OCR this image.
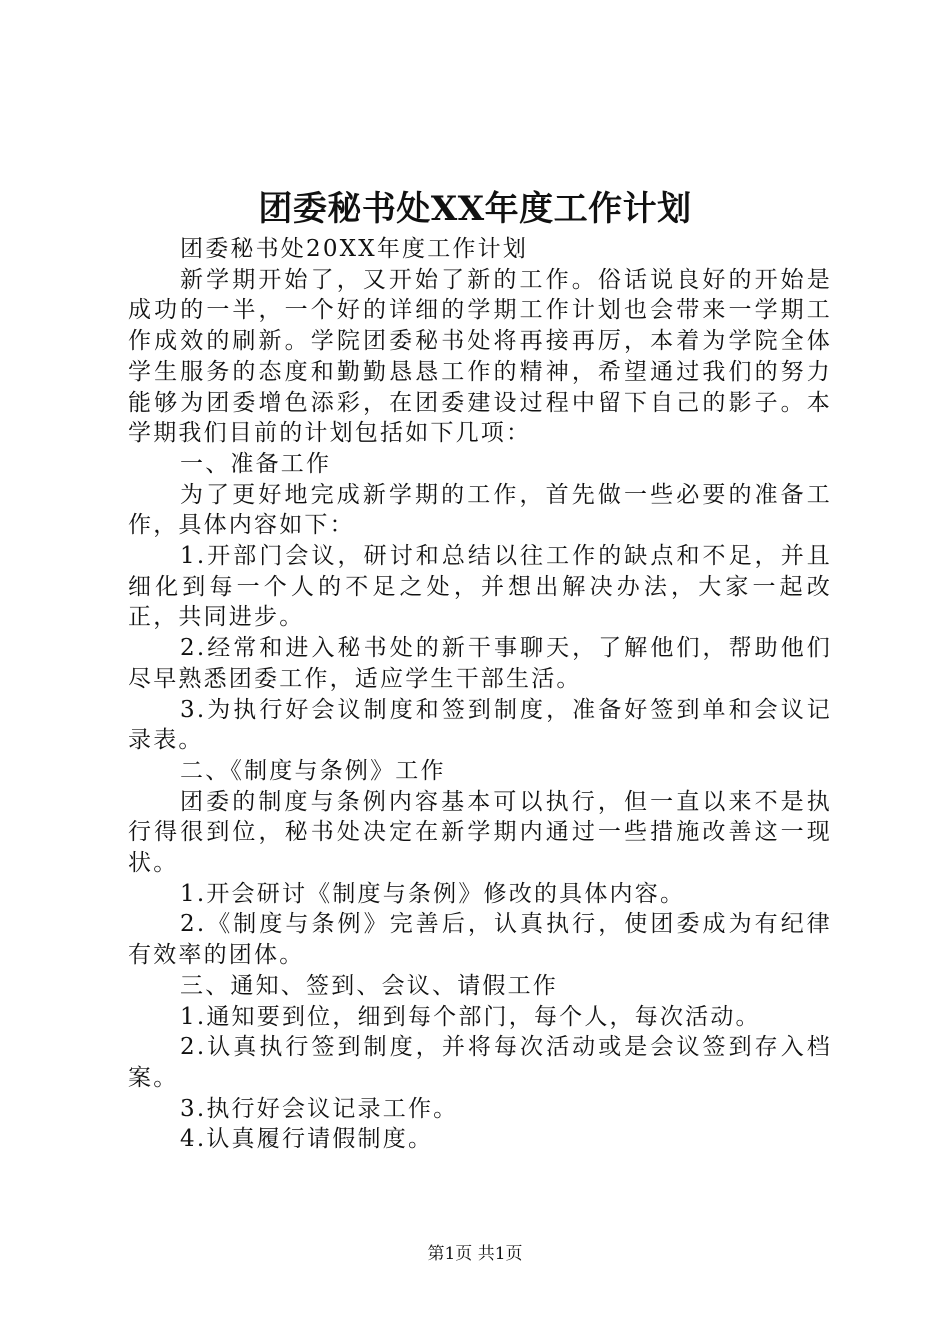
团委秘书处XX年度工作计划

团委秘书处20XX年度工作计划

新学期开始了，又开始了新的工作。俗话说良好的开始是成功的一半，一个好的详细的学期工作计划也会带来一学期工作成效的刷新。学院团委秘书处将再接再厉，本着为学院全体学生服务的态度和勤勤恳恳工作的精神，希望通过我们的努力能够为团委增色添彩，在团委建设过程中留下自己的影子。本学期我们目前的计划包括如下几项：

一、准备工作

为了更好地完成新学期的工作，首先做一些必要的准备工作，具体内容如下：

1.开部门会议，研讨和总结以往工作的缺点和不足，并且细化到每一个人的不足之处，并想出解决办法，大家一起改正，共同进步。

2.经常和进入秘书处的新干事聊天，了解他们，帮助他们尽早熟悉团委工作，适应学生干部生活。

3.为执行好会议制度和签到制度，准备好签到单和会议记录表。

二、《制度与条例》工作

团委的制度与条例内容基本可以执行，但一直以来不是执行得很到位，秘书处决定在新学期内通过一些措施改善这一现状。

1.开会研讨《制度与条例》修改的具体内容。

2.《制度与条例》完善后，认真执行，使团委成为有纪律有效率的团体。

三、通知、签到、会议、请假工作

1.通知要到位，细到每个部门，每个人，每次活动。

2.认真执行签到制度，并将每次活动或是会议签到存入档案。

3.执行好会议记录工作。

4.认真履行请假制度。

第1页 共1页
